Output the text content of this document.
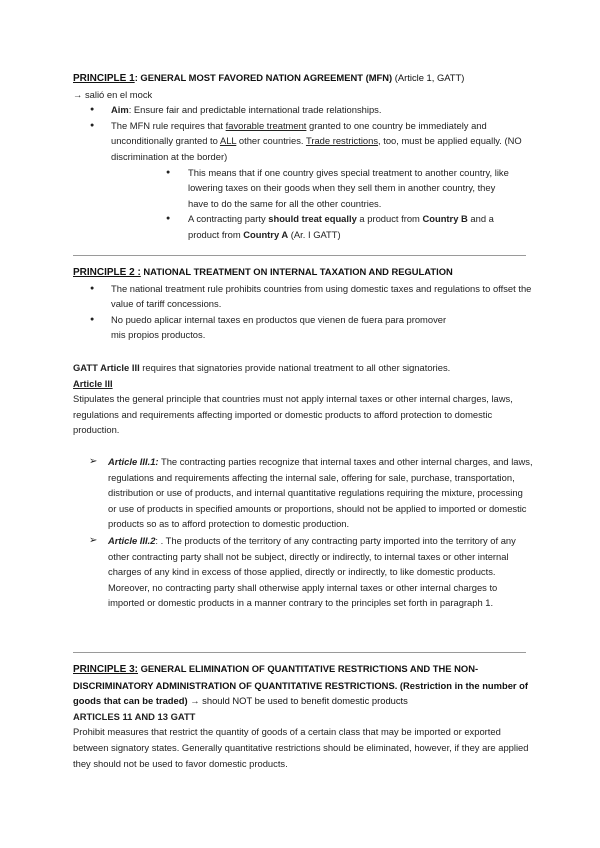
PRINCIPLE 1: GENERAL MOST FAVORED NATION AGREEMENT (MFN) (Article 1, GATT)
→ salió en el mock
● Aim: Ensure fair and predictable international trade relationships.
● The MFN rule requires that favorable treatment granted to one country be immediately and unconditionally granted to ALL other countries. Trade restrictions, too, must be applied equally. (NO discrimination at the border)
● This means that if one country gives special treatment to another country, like lowering taxes on their goods when they sell them in another country, they have to do the same for all the other countries.
● A contracting party should treat equally a product from Country B and a product from Country A (Ar. I GATT)
PRINCIPLE 2 : NATIONAL TREATMENT ON INTERNAL TAXATION AND REGULATION
● The national treatment rule prohibits countries from using domestic taxes and regulations to offset the value of tariff concessions.
● No puedo aplicar internal taxes en productos que vienen de fuera para promover
mis propios productos.
GATT Article III requires that signatories provide national treatment to all other signatories.
Article III
Stipulates the general principle that countries must not apply internal taxes or other internal charges, laws, regulations and requirements affecting imported or domestic products to afford protection to domestic production.
➢ Article III.1: The contracting parties recognize that internal taxes and other internal charges, and laws, regulations and requirements affecting the internal sale, offering for sale, purchase, transportation, distribution or use of products, and internal quantitative regulations requiring the mixture, processing or use of products in specified amounts or proportions, should not be applied to imported or domestic products so as to afford protection to domestic production.
➢ Article III.2: . The products of the territory of any contracting party imported into the territory of any other contracting party shall not be subject, directly or indirectly, to internal taxes or other internal charges of any kind in excess of those applied, directly or indirectly, to like domestic products. Moreover, no contracting party shall otherwise apply internal taxes or other internal charges to imported or domestic products in a manner contrary to the principles set forth in paragraph 1.
PRINCIPLE 3: GENERAL ELIMINATION OF QUANTITATIVE RESTRICTIONS AND THE NON-DISCRIMINATORY ADMINISTRATION OF QUANTITATIVE RESTRICTIONS. (Restriction in the number of goods that can be traded) → should NOT be used to benefit domestic products
ARTICLES 11 AND 13 GATT
Prohibit measures that restrict the quantity of goods of a certain class that may be imported or exported between signatory states. Generally quantitative restrictions should be eliminated, however, if they are applied they should not be used to favor domestic products.
